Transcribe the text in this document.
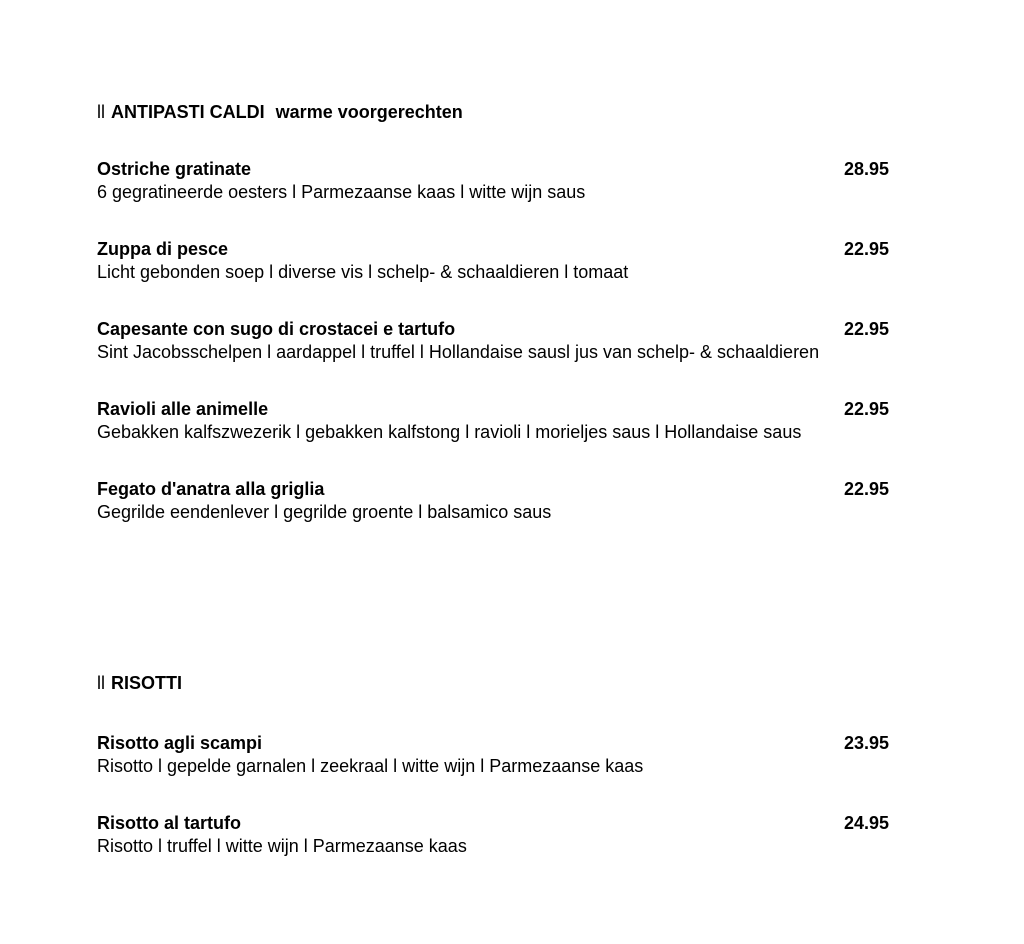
ll ANTIPASTI CALDI warme voorgerechten
Ostriche gratinate	28.95
6 gegratineerde oesters l Parmezaanse kaas l witte wijn saus
Zuppa di pesce	22.95
Licht gebonden soep l diverse vis l schelp- & schaaldieren l tomaat
Capesante con sugo di crostacei e tartufo	22.95
Sint Jacobsschelpen l aardappel l truffel l Hollandaise sausl jus van schelp- & schaaldieren
Ravioli alle animelle	22.95
Gebakken kalfszwezerik l gebakken kalfstong l ravioli l morieljes saus l Hollandaise saus
Fegato d'anatra alla griglia	22.95
Gegrilde eendenlever l gegrilde groente l balsamico saus
ll RISOTTI
Risotto agli scampi	23.95
Risotto l gepelde garnalen l zeekraal l witte wijn l Parmezaanse kaas
Risotto al tartufo	24.95
Risotto l truffel l witte wijn l Parmezaanse kaas
